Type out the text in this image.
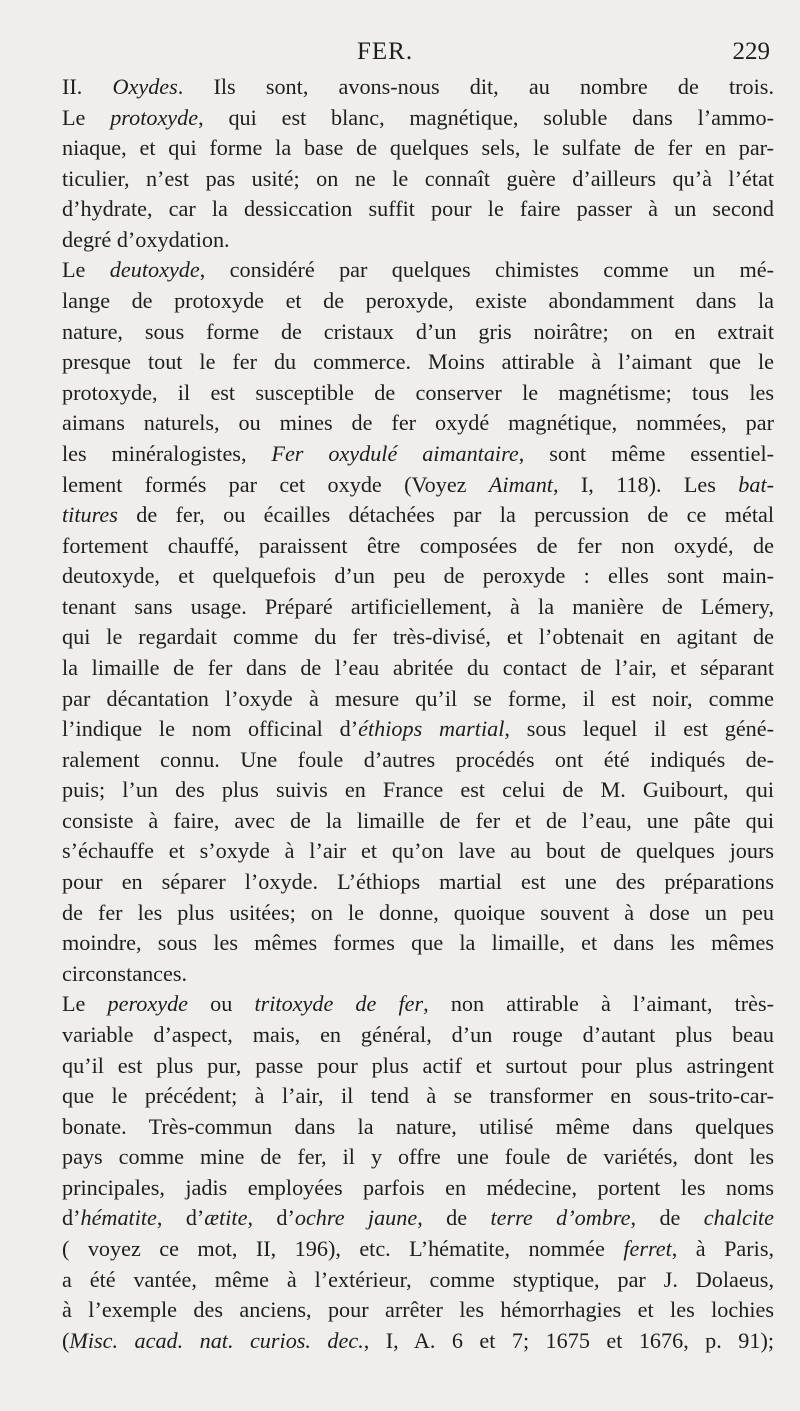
FER.	229
II. Oxydes. Ils sont, avons-nous dit, au nombre de trois.
Le protoxyde, qui est blanc, magnétique, soluble dans l’ammo-
niaque, et qui forme la base de quelques sels, le sulfate de fer en par-
ticulier, n’est pas usité; on ne le connaît guère d’ailleurs qu’à l’état
d’hydrate, car la dessiccation suffit pour le faire passer à un second
degré d’oxydation.
Le deutoxyde, considéré par quelques chimistes comme un mé-
lange de protoxyde et de peroxyde, existe abondamment dans la
nature, sous forme de cristaux d’un gris noirâtre; on en extrait
presque tout le fer du commerce. Moins attirable à l’aimant que le
protoxyde, il est susceptible de conserver le magnétisme; tous les
aimans naturels, ou mines de fer oxydé magnétique, nommées, par
les minéralogistes, Fer oxydulé aimantaire, sont même essentiel-
lement formés par cet oxyde (Voyez Aimant, I, 118). Les bat-
titures de fer, ou écailles détachées par la percussion de ce métal
fortement chauffé, paraissent être composées de fer non oxydé, de
deutoxyde, et quelquefois d’un peu de peroxyde : elles sont main-
tenant sans usage. Préparé artificiellement, à la manière de Lémery,
qui le regardait comme du fer très-divisé, et l’obtenait en agitant de
la limaille de fer dans de l’eau abritée du contact de l’air, et séparant
par décantation l’oxyde à mesure qu’il se forme, il est noir, comme
l’indique le nom officinal d’éthiops martial, sous lequel il est géné-
ralement connu. Une foule d’autres procédés ont été indiqués de-
puis; l’un des plus suivis en France est celui de M. Guibourt, qui
consiste à faire, avec de la limaille de fer et de l’eau, une pâte qui
s’échauffe et s’oxyde à l’air et qu’on lave au bout de quelques jours
pour en séparer l’oxyde. L’éthiops martial est une des préparations
de fer les plus usitées; on le donne, quoique souvent à dose un peu
moindre, sous les mêmes formes que la limaille, et dans les mêmes
circonstances.
Le peroxyde ou tritoxyde de fer, non attirable à l’aimant, très-
variable d’aspect, mais, en général, d’un rouge d’autant plus beau
qu’il est plus pur, passe pour plus actif et surtout pour plus astringent
que le précédent; à l’air, il tend à se transformer en sous-trito-car-
bonate. Très-commun dans la nature, utilisé même dans quelques
pays comme mine de fer, il y offre une foule de variétés, dont les
principales, jadis employées parfois en médecine, portent les noms
d’hématite, d’ætite, d’ochre jaune, de terre d’ombre, de chalcite
( voyez ce mot, II, 196), etc. L’hématite, nommée ferret, à Paris,
a été vantée, même à l’extérieur, comme styptique, par J. Dolaeus,
à l’exemple des anciens, pour arrêter les hémorrhagies et les lochies
(Misc. acad. nat. curios. dec., I, A. 6 et 7; 1675 et 1676, p. 91);
